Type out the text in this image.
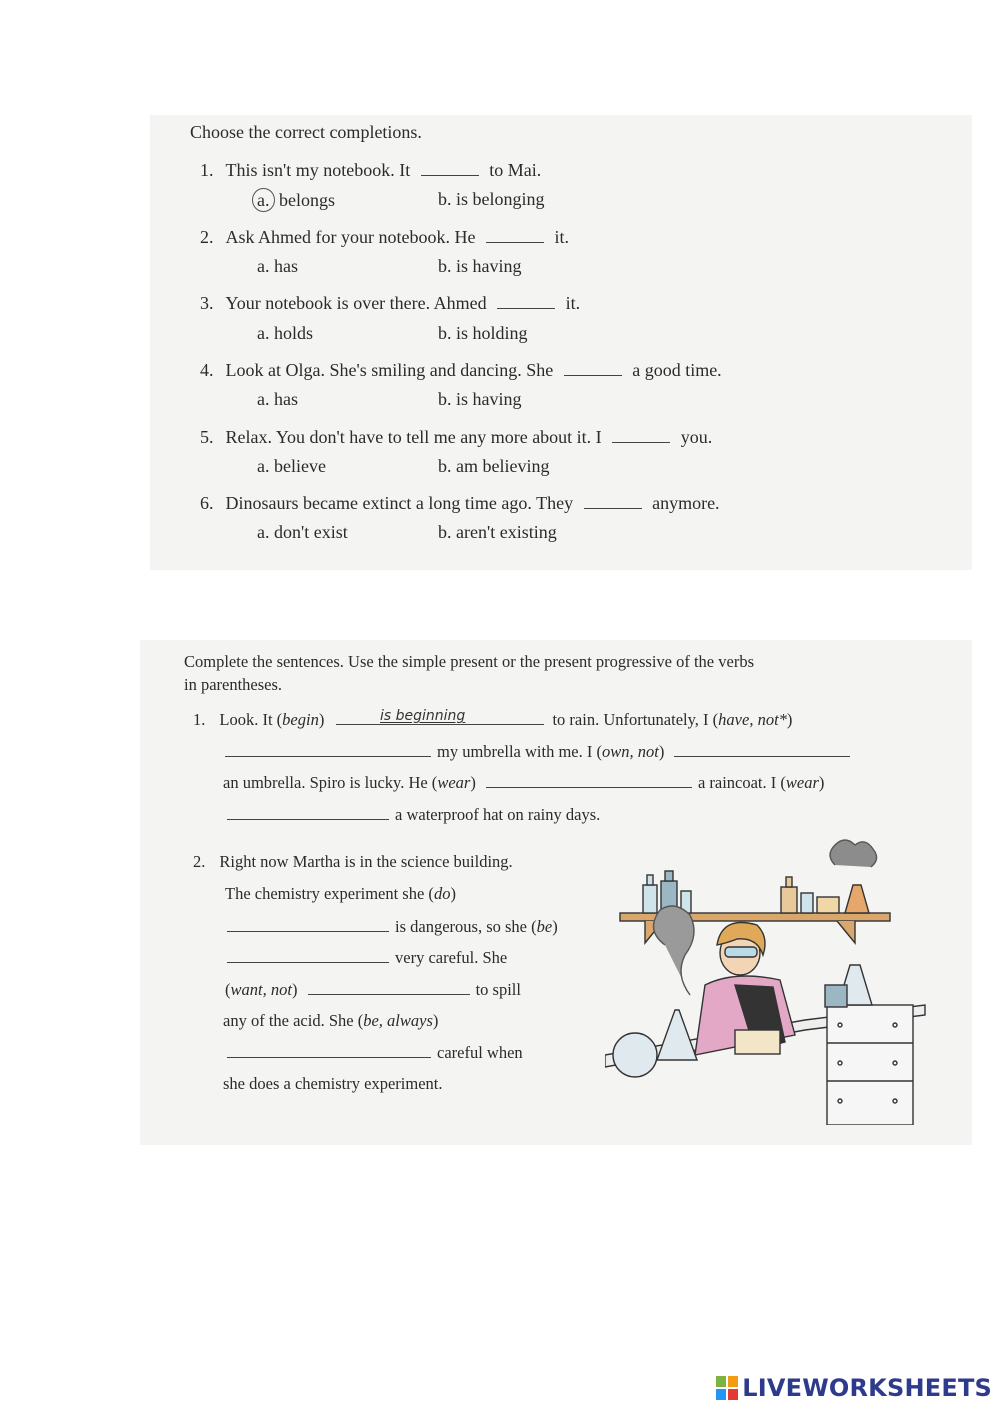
Choose the correct completions.
1. This isn't my notebook. It	to Mai.
a. belongs	b. is belonging
2. Ask Ahmed for your notebook. He	it.
a. has	b. is having
3. Your notebook is over there. Ahmed	it.
a. holds	b. is holding
4. Look at Olga. She's smiling and dancing. She	a good time.
a. has	b. is having
5. Relax. You don't have to tell me any more about it. I	you.
a. believe	b. am believing
6. Dinosaurs became extinct a long time ago. They	anymore.
a. don't exist	b. aren't existing
Complete the sentences. Use the simple present or the present progressive of the verbs
in parentheses.
1. Look. It (begin)	to rain. Unfortunately, I (have, not*)
is beginning
my umbrella with me. I (own, not)
an umbrella. Spiro is lucky. He (wear)	a raincoat. I (wear)
a waterproof hat on rainy days.
2. Right now Martha is in the science building.
The chemistry experiment she (do)
is dangerous, so she (be)
very careful. She
(want, not)	to spill
any of the acid. She (be, always)
careful when
she does a chemistry experiment.
LIVEWORKSHEETS
